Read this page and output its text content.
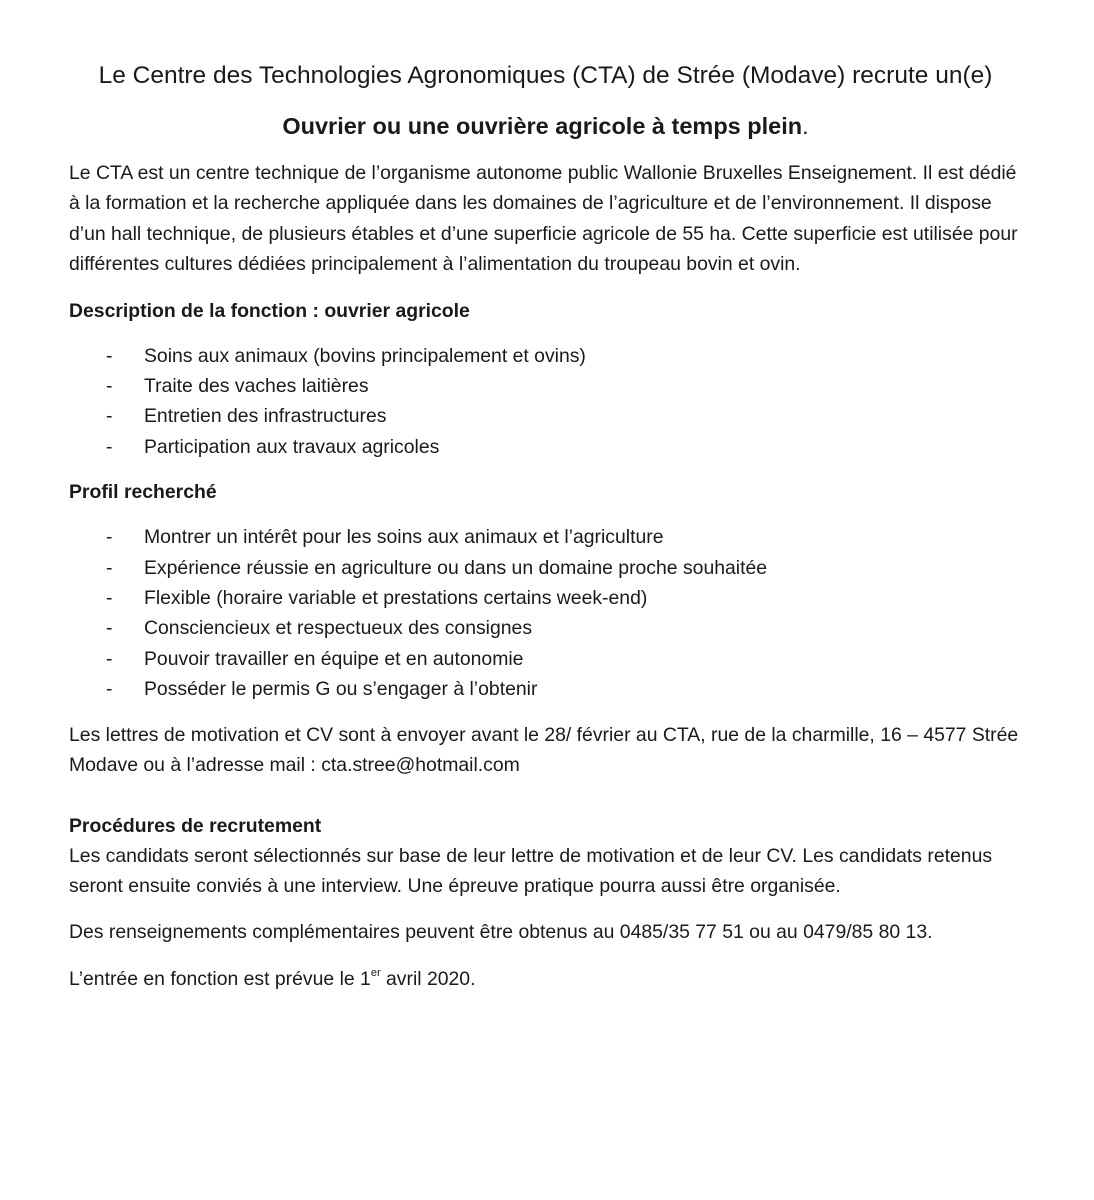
Le Centre des Technologies Agronomiques (CTA) de Strée (Modave) recrute un(e)
Ouvrier ou une ouvrière agricole à temps plein.

Le CTA est un centre technique de l’organisme autonome public Wallonie Bruxelles Enseignement. Il est dédié à la formation et la recherche appliquée dans les domaines de l’agriculture et de l’environnement. Il dispose d’un hall technique, de plusieurs étables et d’une superficie agricole de 55 ha. Cette superficie est utilisée pour différentes cultures dédiées principalement à l’alimentation du troupeau bovin et ovin.

Description de la fonction : ouvrier agricole
- Soins aux animaux (bovins principalement et ovins)
- Traite des vaches laitières
- Entretien des infrastructures
- Participation aux travaux agricoles
Profil recherché
- Montrer un intérêt pour les soins aux animaux et l’agriculture
- Expérience réussie en agriculture ou dans un domaine proche souhaitée
- Flexible (horaire variable et prestations certains week-end)
- Consciencieux et respectueux des consignes
- Pouvoir travailler en équipe et en autonomie
- Posséder le permis G ou s’engager à l’obtenir

Les lettres de motivation et CV sont à envoyer avant le 28/ février au CTA, rue de la charmille, 16 – 4577 Strée Modave ou à l’adresse mail : cta.stree@hotmail.com

Procédures de recrutement

Les candidats seront sélectionnés sur base de leur lettre de motivation et de leur CV. Les candidats retenus seront ensuite conviés à une interview. Une épreuve pratique pourra aussi être organisée.

Des renseignements complémentaires peuvent être obtenus au 0485/35 77 51 ou au 0479/85 80 13.

L’entrée en fonction est prévue le 1er avril 2020.
